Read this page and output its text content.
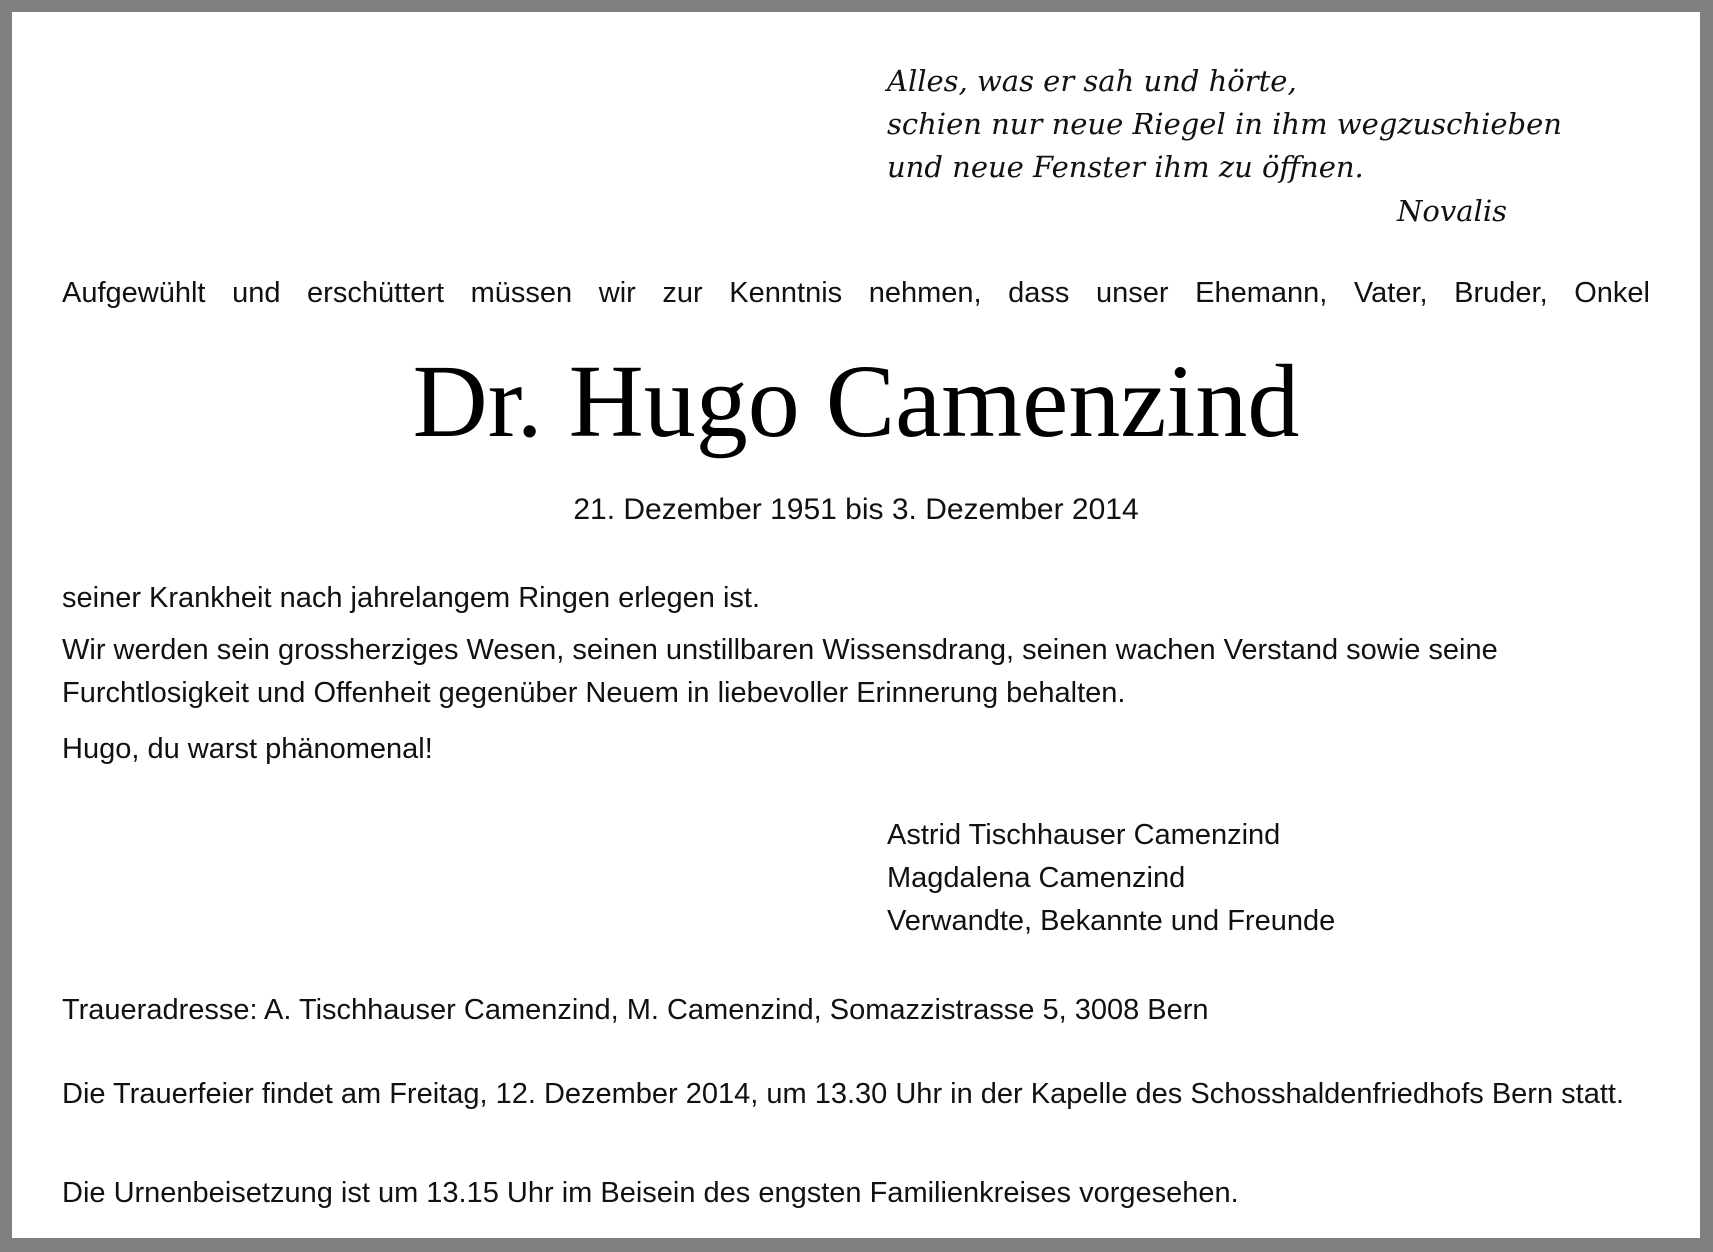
Alles, was er sah und hörte,
schien nur neue Riegel in ihm wegzuschieben
und neue Fenster ihm zu öffnen.
Novalis
Aufgewühlt und erschüttert müssen wir zur Kenntnis nehmen, dass unser Ehemann, Vater, Bruder, Onkel
Dr. Hugo Camenzind
21. Dezember 1951 bis 3. Dezember 2014
seiner Krankheit nach jahrelangem Ringen erlegen ist.
Wir werden sein grossherziges Wesen, seinen unstillbaren Wissensdrang, seinen wachen Verstand sowie seine Furchtlosigkeit und Offenheit gegenüber Neuem in liebevoller Erinnerung behalten.
Hugo, du warst phänomenal!
Astrid Tischhauser Camenzind
Magdalena Camenzind
Verwandte, Bekannte und Freunde
Traueradresse: A. Tischhauser Camenzind, M. Camenzind, Somazzistrasse 5, 3008 Bern
Die Trauerfeier findet am Freitag, 12. Dezember 2014, um 13.30 Uhr in der Kapelle des Schosshaldenfriedhofs Bern statt.
Die Urnenbeisetzung ist um 13.15 Uhr im Beisein des engsten Familienkreises vorgesehen.
